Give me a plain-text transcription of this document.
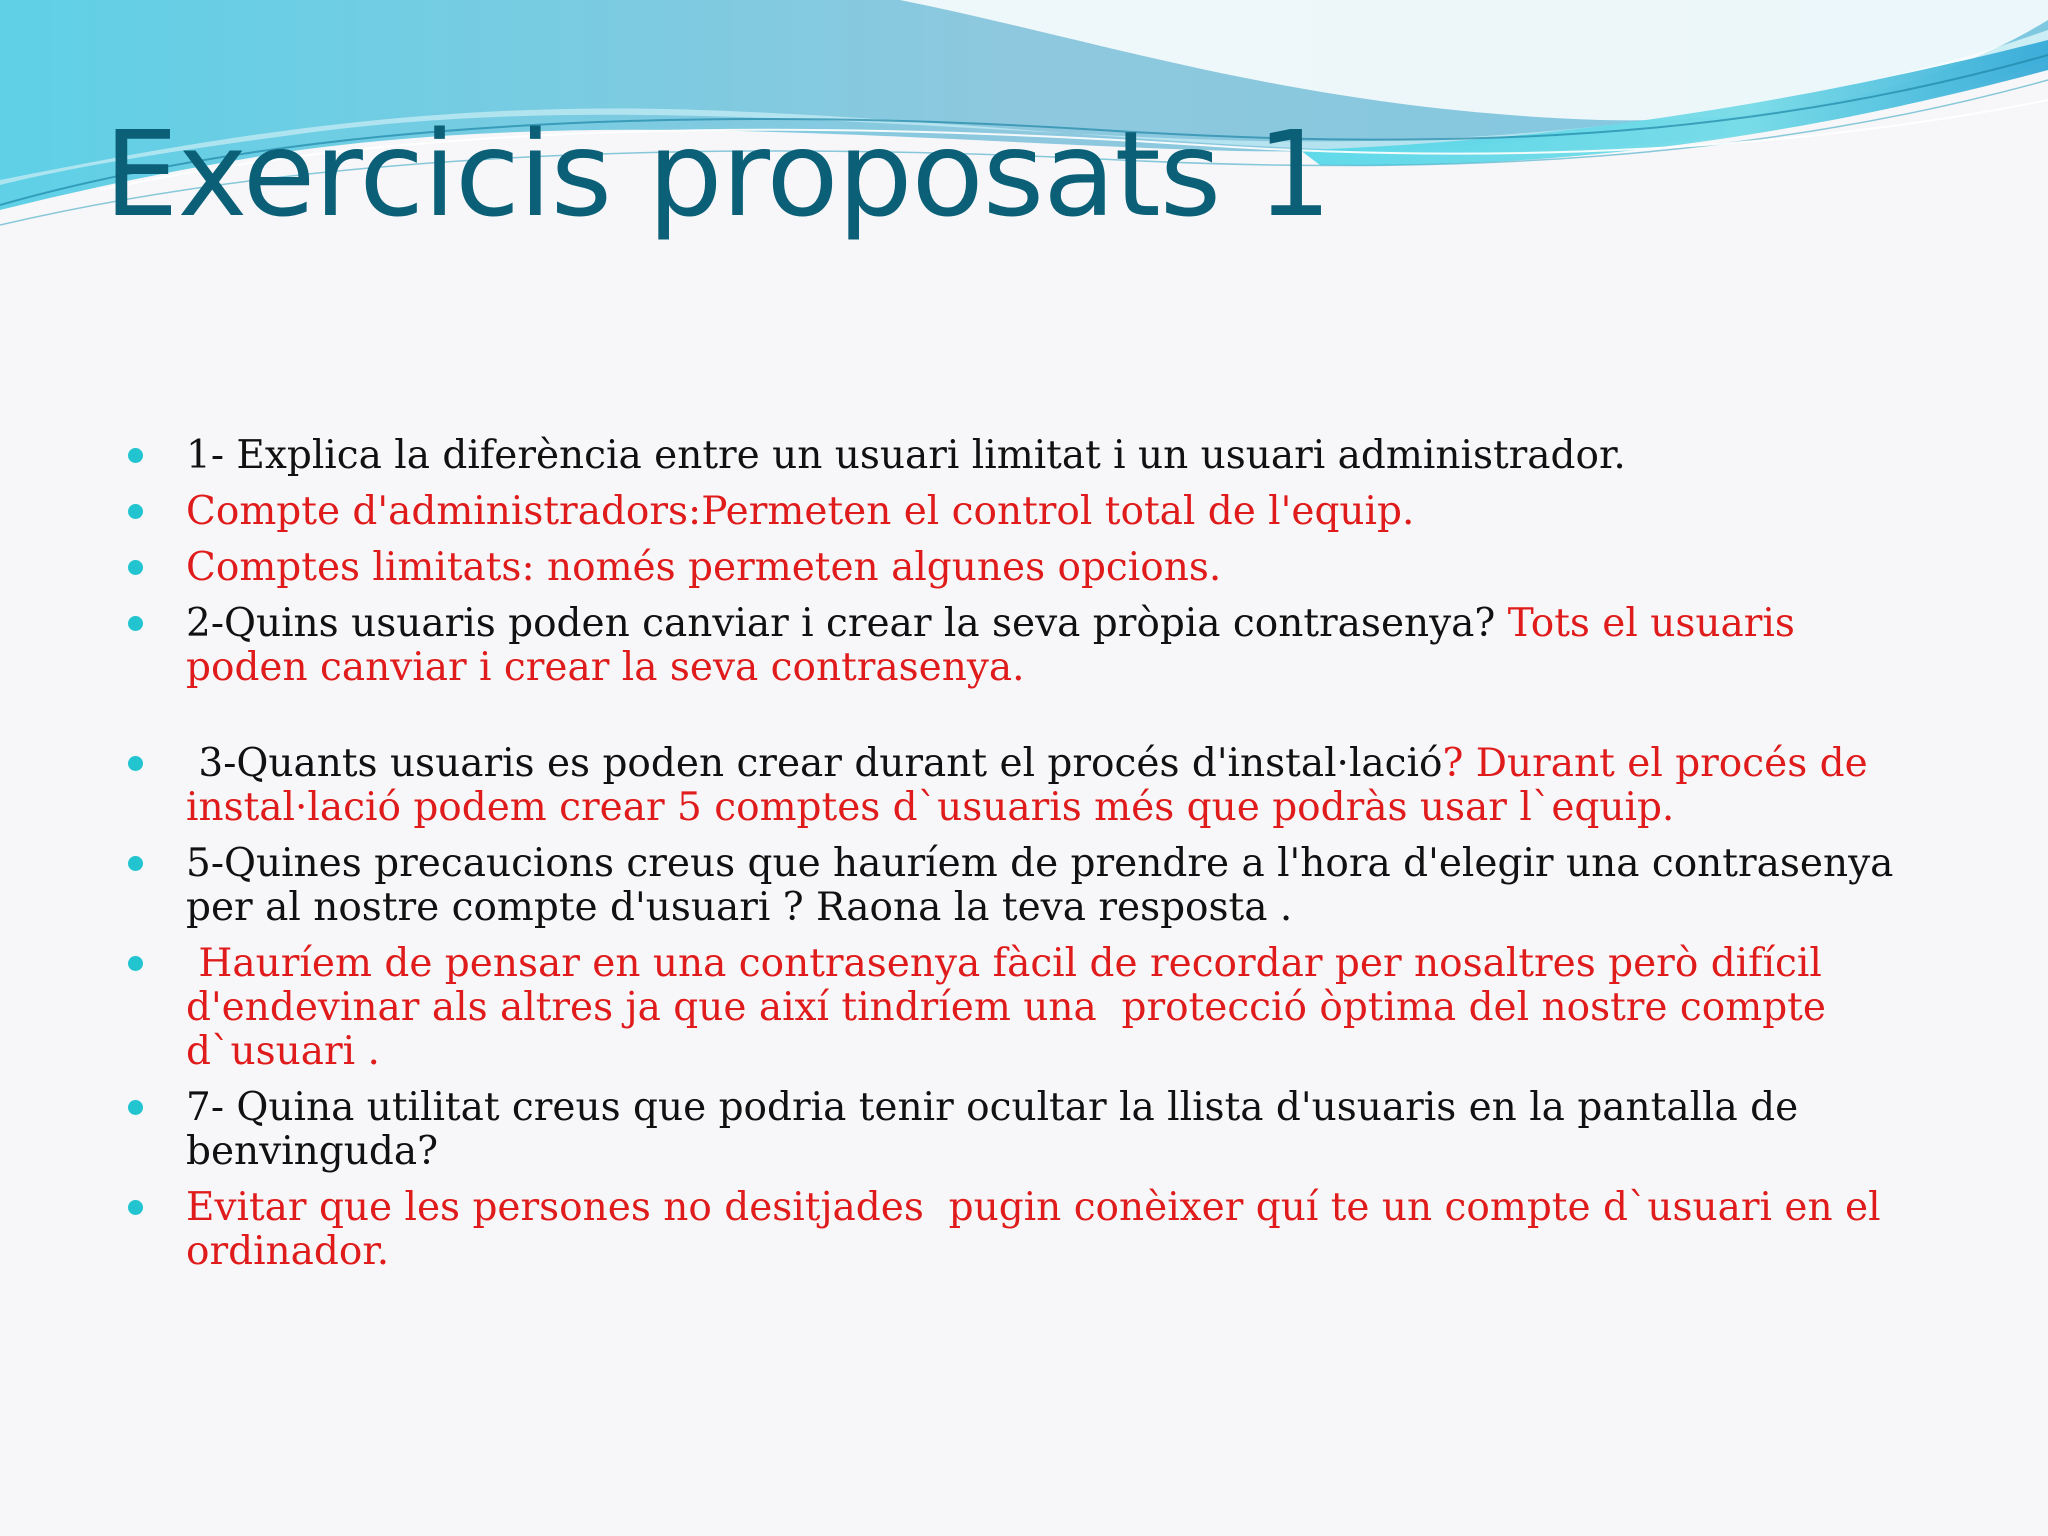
Exercicis proposats 1
1- Explica la diferència entre un usuari limitat i un usuari administrador.
Compte d'administradors:Permeten el control total de l'equip.
Comptes limitats: només permeten algunes opcions.
2-Quins usuaris poden canviar i crear la seva pròpia contrasenya? Tots el usuaris poden canviar i crear la seva contrasenya.
3-Quants usuaris es poden crear durant el procés d'instal·lació? Durant el procés de instal·lació podem crear 5 comptes d`usuaris més que podràs usar l`equip.
5-Quines precaucions creus que hauríem de prendre a l'hora d'elegir una contrasenya per al nostre compte d'usuari ? Raona la teva resposta .
Hauríem de pensar en una contrasenya fàcil de recordar per nosaltres però difícil d'endevinar als altres ja que així tindríem una  protecció òptima del nostre compte d`usuari .
7- Quina utilitat creus que podria tenir ocultar la llista d'usuaris en la pantalla de benvinguda?
Evitar que les persones no desitjades  pugin conèixer quí te un compte d`usuari en el ordinador.
